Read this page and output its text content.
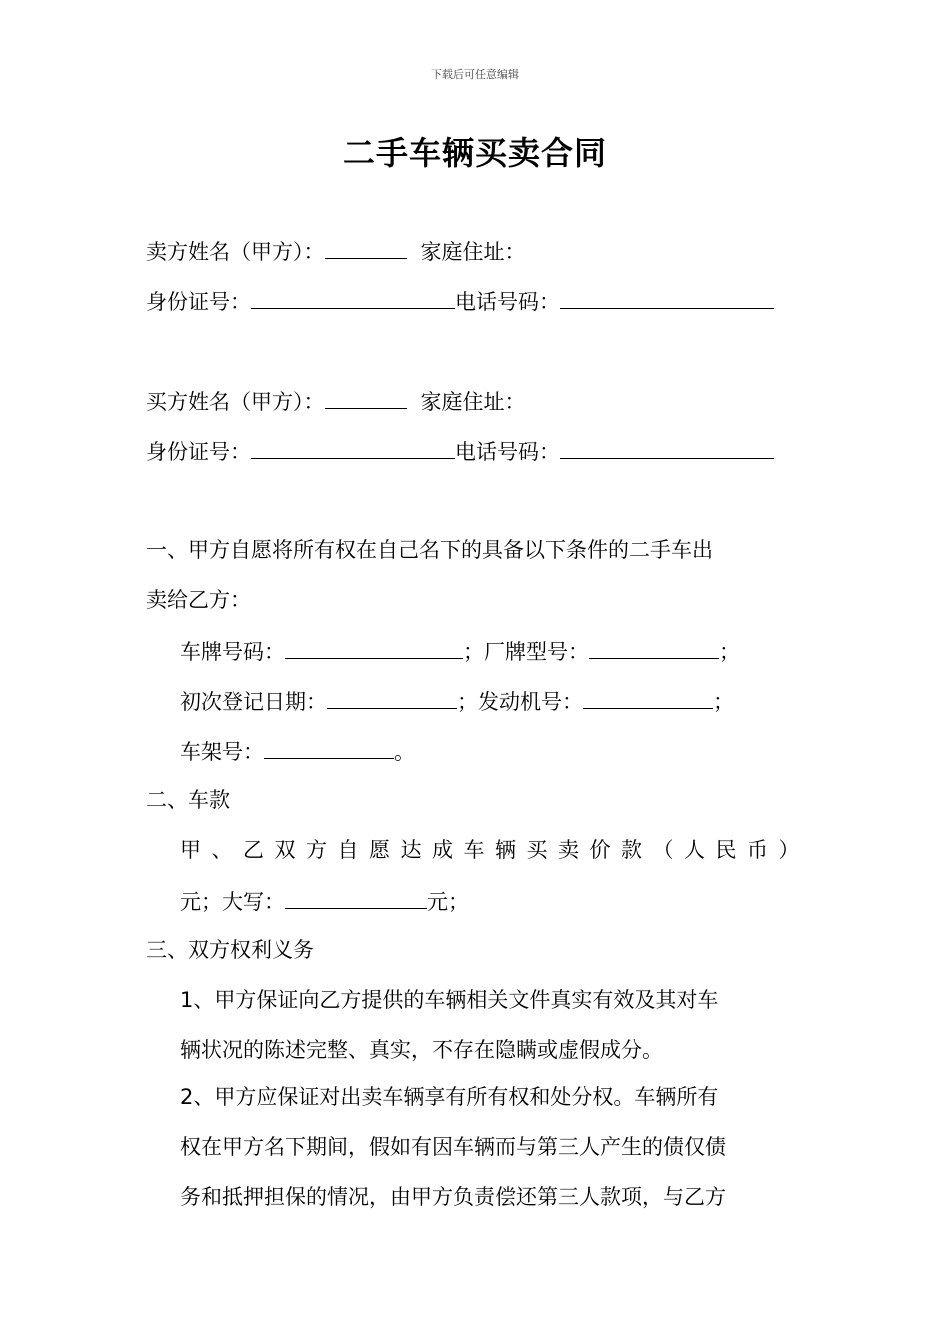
下载后可任意编辑
二手车辆买卖合同
卖方姓名（甲方）：	家庭住址：
身份证号：	电话号码：
买方姓名（甲方）：	家庭住址：
身份证号：	电话号码：
一、甲方自愿将所有权在自己名下的具备以下条件的二手车出
卖给乙方：
车牌号码：	；厂牌型号：	；
初次登记日期：	；发动机号：	；
车架号：	。
二、车款
甲、乙双方自愿达成车辆买卖价款（人民币）
元；大写：	元；
三、双方权利义务
1、甲方保证向乙方提供的车辆相关文件真实有效及其对车
辆状况的陈述完整、真实，不存在隐瞒或虚假成分。
2、甲方应保证对出卖车辆享有所有权和处分权。车辆所有
权在甲方名下期间，假如有因车辆而与第三人产生的债仅债
务和抵押担保的情况，由甲方负责偿还第三人款项，与乙方
